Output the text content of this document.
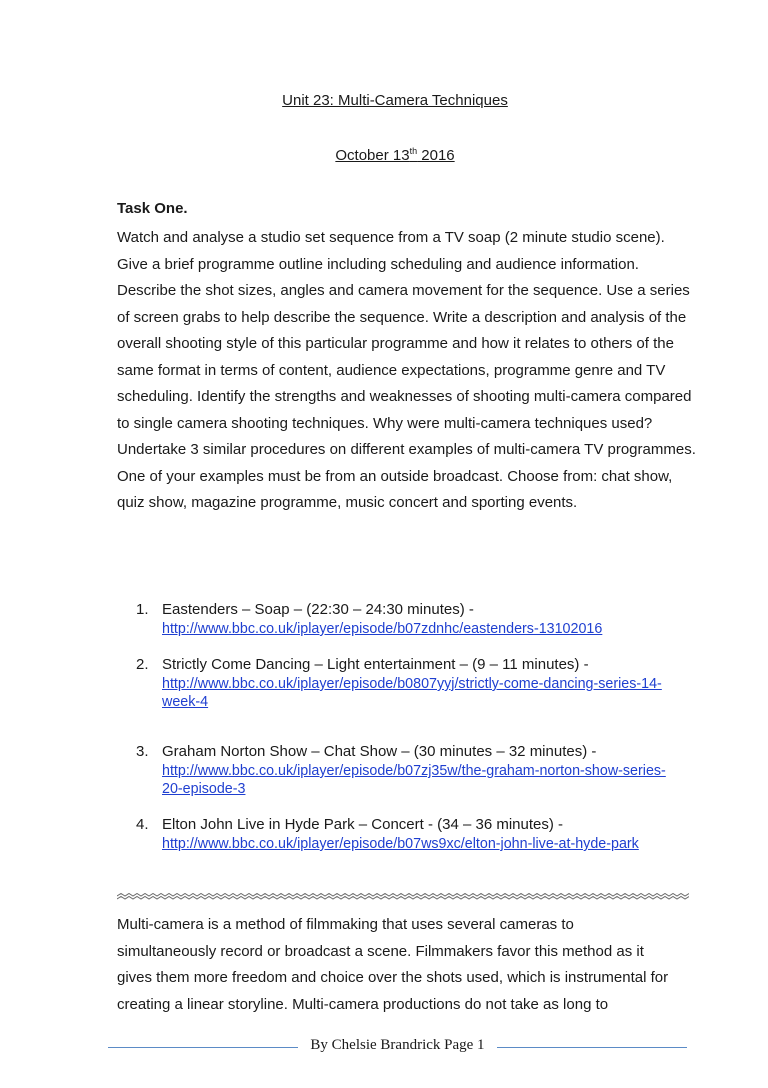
Unit 23: Multi-Camera Techniques
October 13th 2016
Task One.

Watch and analyse a studio set sequence from a TV soap (2 minute studio scene). Give a brief programme outline including scheduling and audience information. Describe the shot sizes, angles and camera movement for the sequence. Use a series of screen grabs to help describe the sequence. Write a description and analysis of the overall shooting style of this particular programme and how it relates to others of the same format in terms of content, audience expectations, programme genre and TV scheduling. Identify the strengths and weaknesses of shooting multi-camera compared to single camera shooting techniques. Why were multi-camera techniques used?

Undertake 3 similar procedures on different examples of multi-camera TV programmes. One of your examples must be from an outside broadcast. Choose from: chat show, quiz show, magazine programme, music concert and sporting events.

1. Eastenders – Soap – (22:30 – 24:30 minutes) -
http://www.bbc.co.uk/iplayer/episode/b07zdnhc/eastenders-13102016
2. Strictly Come Dancing – Light entertainment – (9 – 11 minutes) -
http://www.bbc.co.uk/iplayer/episode/b0807yyj/strictly-come-dancing-series-14-week-4
3. Graham Norton Show – Chat Show – (30 minutes – 32 minutes) -
http://www.bbc.co.uk/iplayer/episode/b07zj35w/the-graham-norton-show-series-20-episode-3
4. Elton John Live in Hyde Park – Concert - (34 – 36 minutes) -
http://www.bbc.co.uk/iplayer/episode/b07ws9xc/elton-john-live-at-hyde-park

Multi-camera is a method of filmmaking that uses several cameras to simultaneously record or broadcast a scene. Filmmakers favor this method as it gives them more freedom and choice over the shots used, which is instrumental for creating a linear storyline. Multi-camera productions do not take as long to

By Chelsie Brandrick Page 1
